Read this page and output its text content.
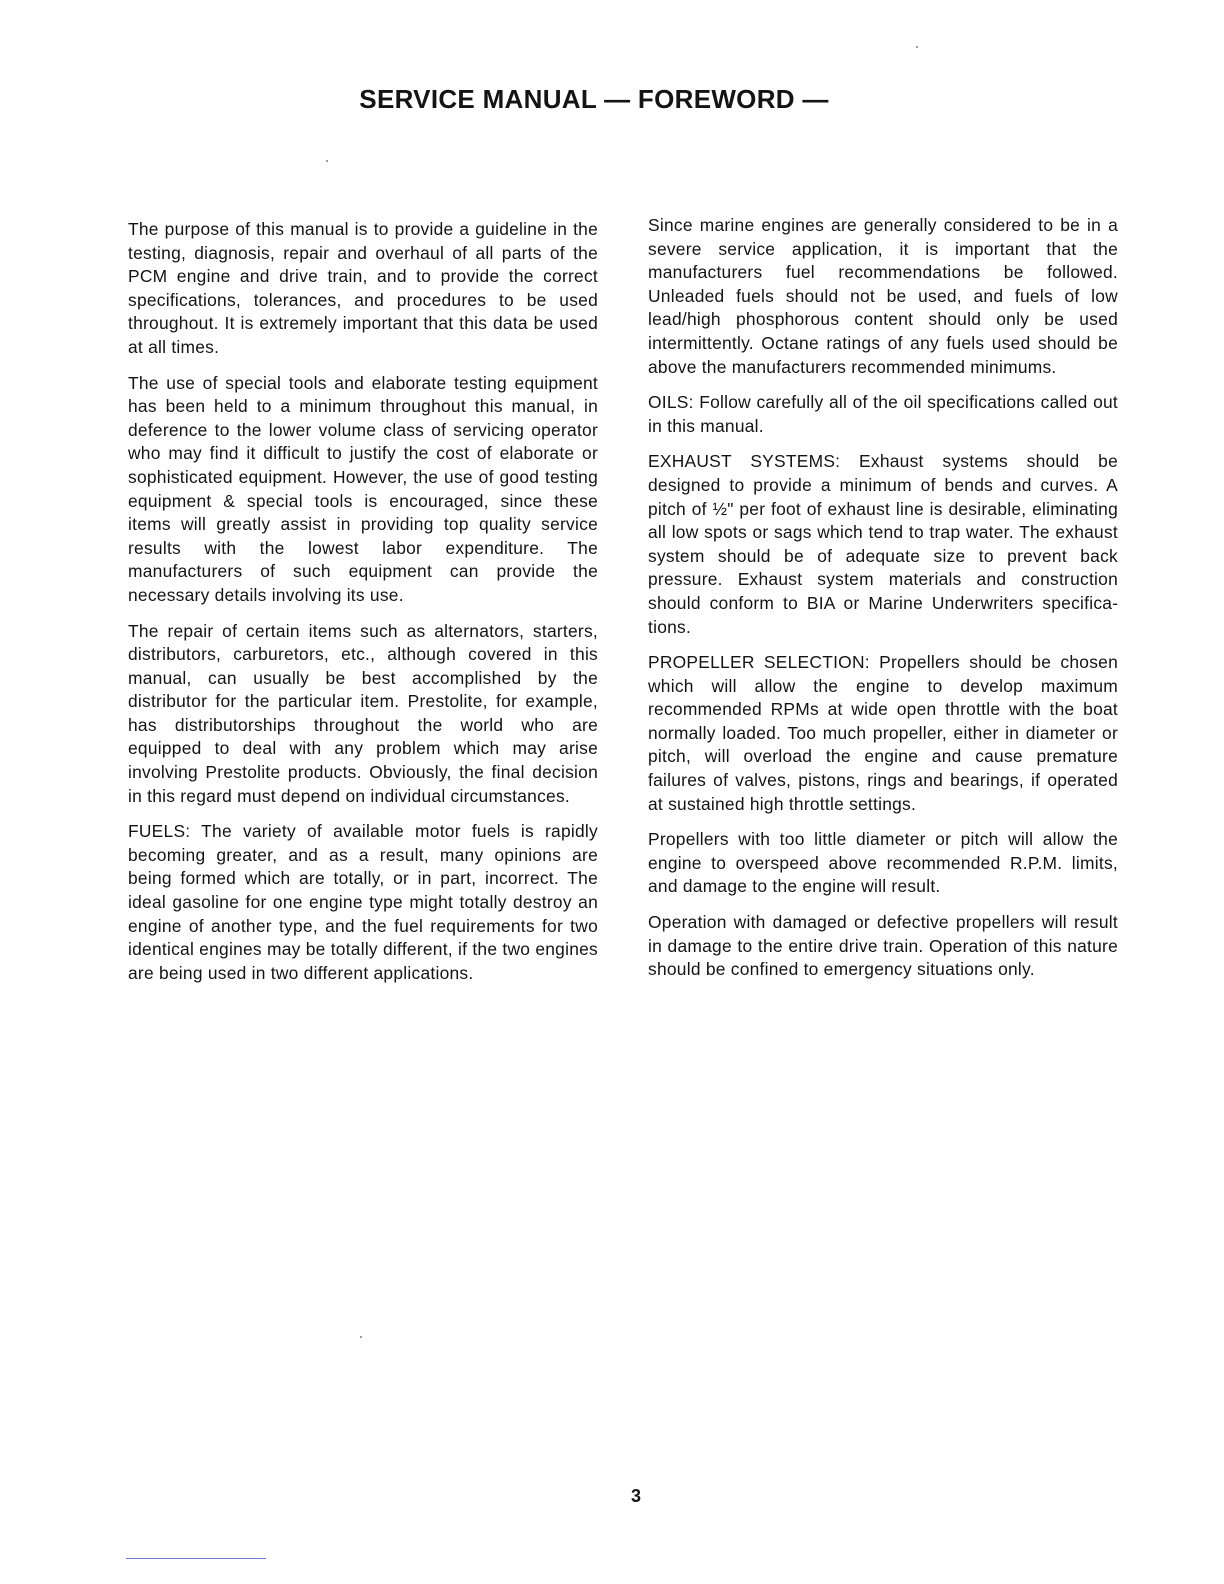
SERVICE MANUAL — FOREWORD —

The purpose of this manual is to provide a guideline in the testing, diagnosis, repair and overhaul of all parts of the PCM engine and drive train, and to provide the correct specifications, tolerances, and procedures to be used throughout. It is extremely important that this data be used at all times.

The use of special tools and elaborate testing equipment has been held to a minimum throughout this manual, in deference to the lower volume class of servicing operator who may find it difficult to justify the cost of elaborate or sophisticated equipment. However, the use of good testing equipment & special tools is encouraged, since these items will greatly assist in providing top quality service results with the lowest labor expenditure. The manufacturers of such equipment can provide the necessary details involving its use.

The repair of certain items such as alternators, starters, distributors, carburetors, etc., although covered in this manual, can usually be best accomplished by the distributor for the particular item. Prestolite, for example, has distributorships throughout the world who are equipped to deal with any problem which may arise involving Prestolite products. Obviously, the final decision in this regard must depend on individual circumstances.

FUELS: The variety of available motor fuels is rapidly becoming greater, and as a result, many opinions are being formed which are totally, or in part, incorrect. The ideal gasoline for one engine type might totally destroy an engine of another type, and the fuel requirements for two identical engines may be totally different, if the two engines are being used in two different applications.

Since marine engines are generally considered to be in a severe service application, it is important that the manufacturers fuel recommendations be followed. Unleaded fuels should not be used, and fuels of low lead/high phosphorous content should only be used intermittently. Octane ratings of any fuels used should be above the manufacturers recommended minimums.

OILS: Follow carefully all of the oil specifications called out in this manual.

EXHAUST SYSTEMS: Exhaust systems should be designed to provide a minimum of bends and curves. A pitch of ½" per foot of exhaust line is desirable, eliminating all low spots or sags which tend to trap water. The exhaust system should be of adequate size to prevent back pressure. Exhaust system materials and construction should conform to BIA or Marine Underwriters specifications.

PROPELLER SELECTION: Propellers should be chosen which will allow the engine to develop maximum recommended RPMs at wide open throttle with the boat normally loaded. Too much propeller, either in diameter or pitch, will overload the engine and cause premature failures of valves, pistons, rings and bearings, if operated at sustained high throttle settings.

Propellers with too little diameter or pitch will allow the engine to overspeed above recommended R.P.M. limits, and damage to the engine will result.

Operation with damaged or defective propellers will result in damage to the entire drive train. Operation of this nature should be confined to emergency situations only.

3
